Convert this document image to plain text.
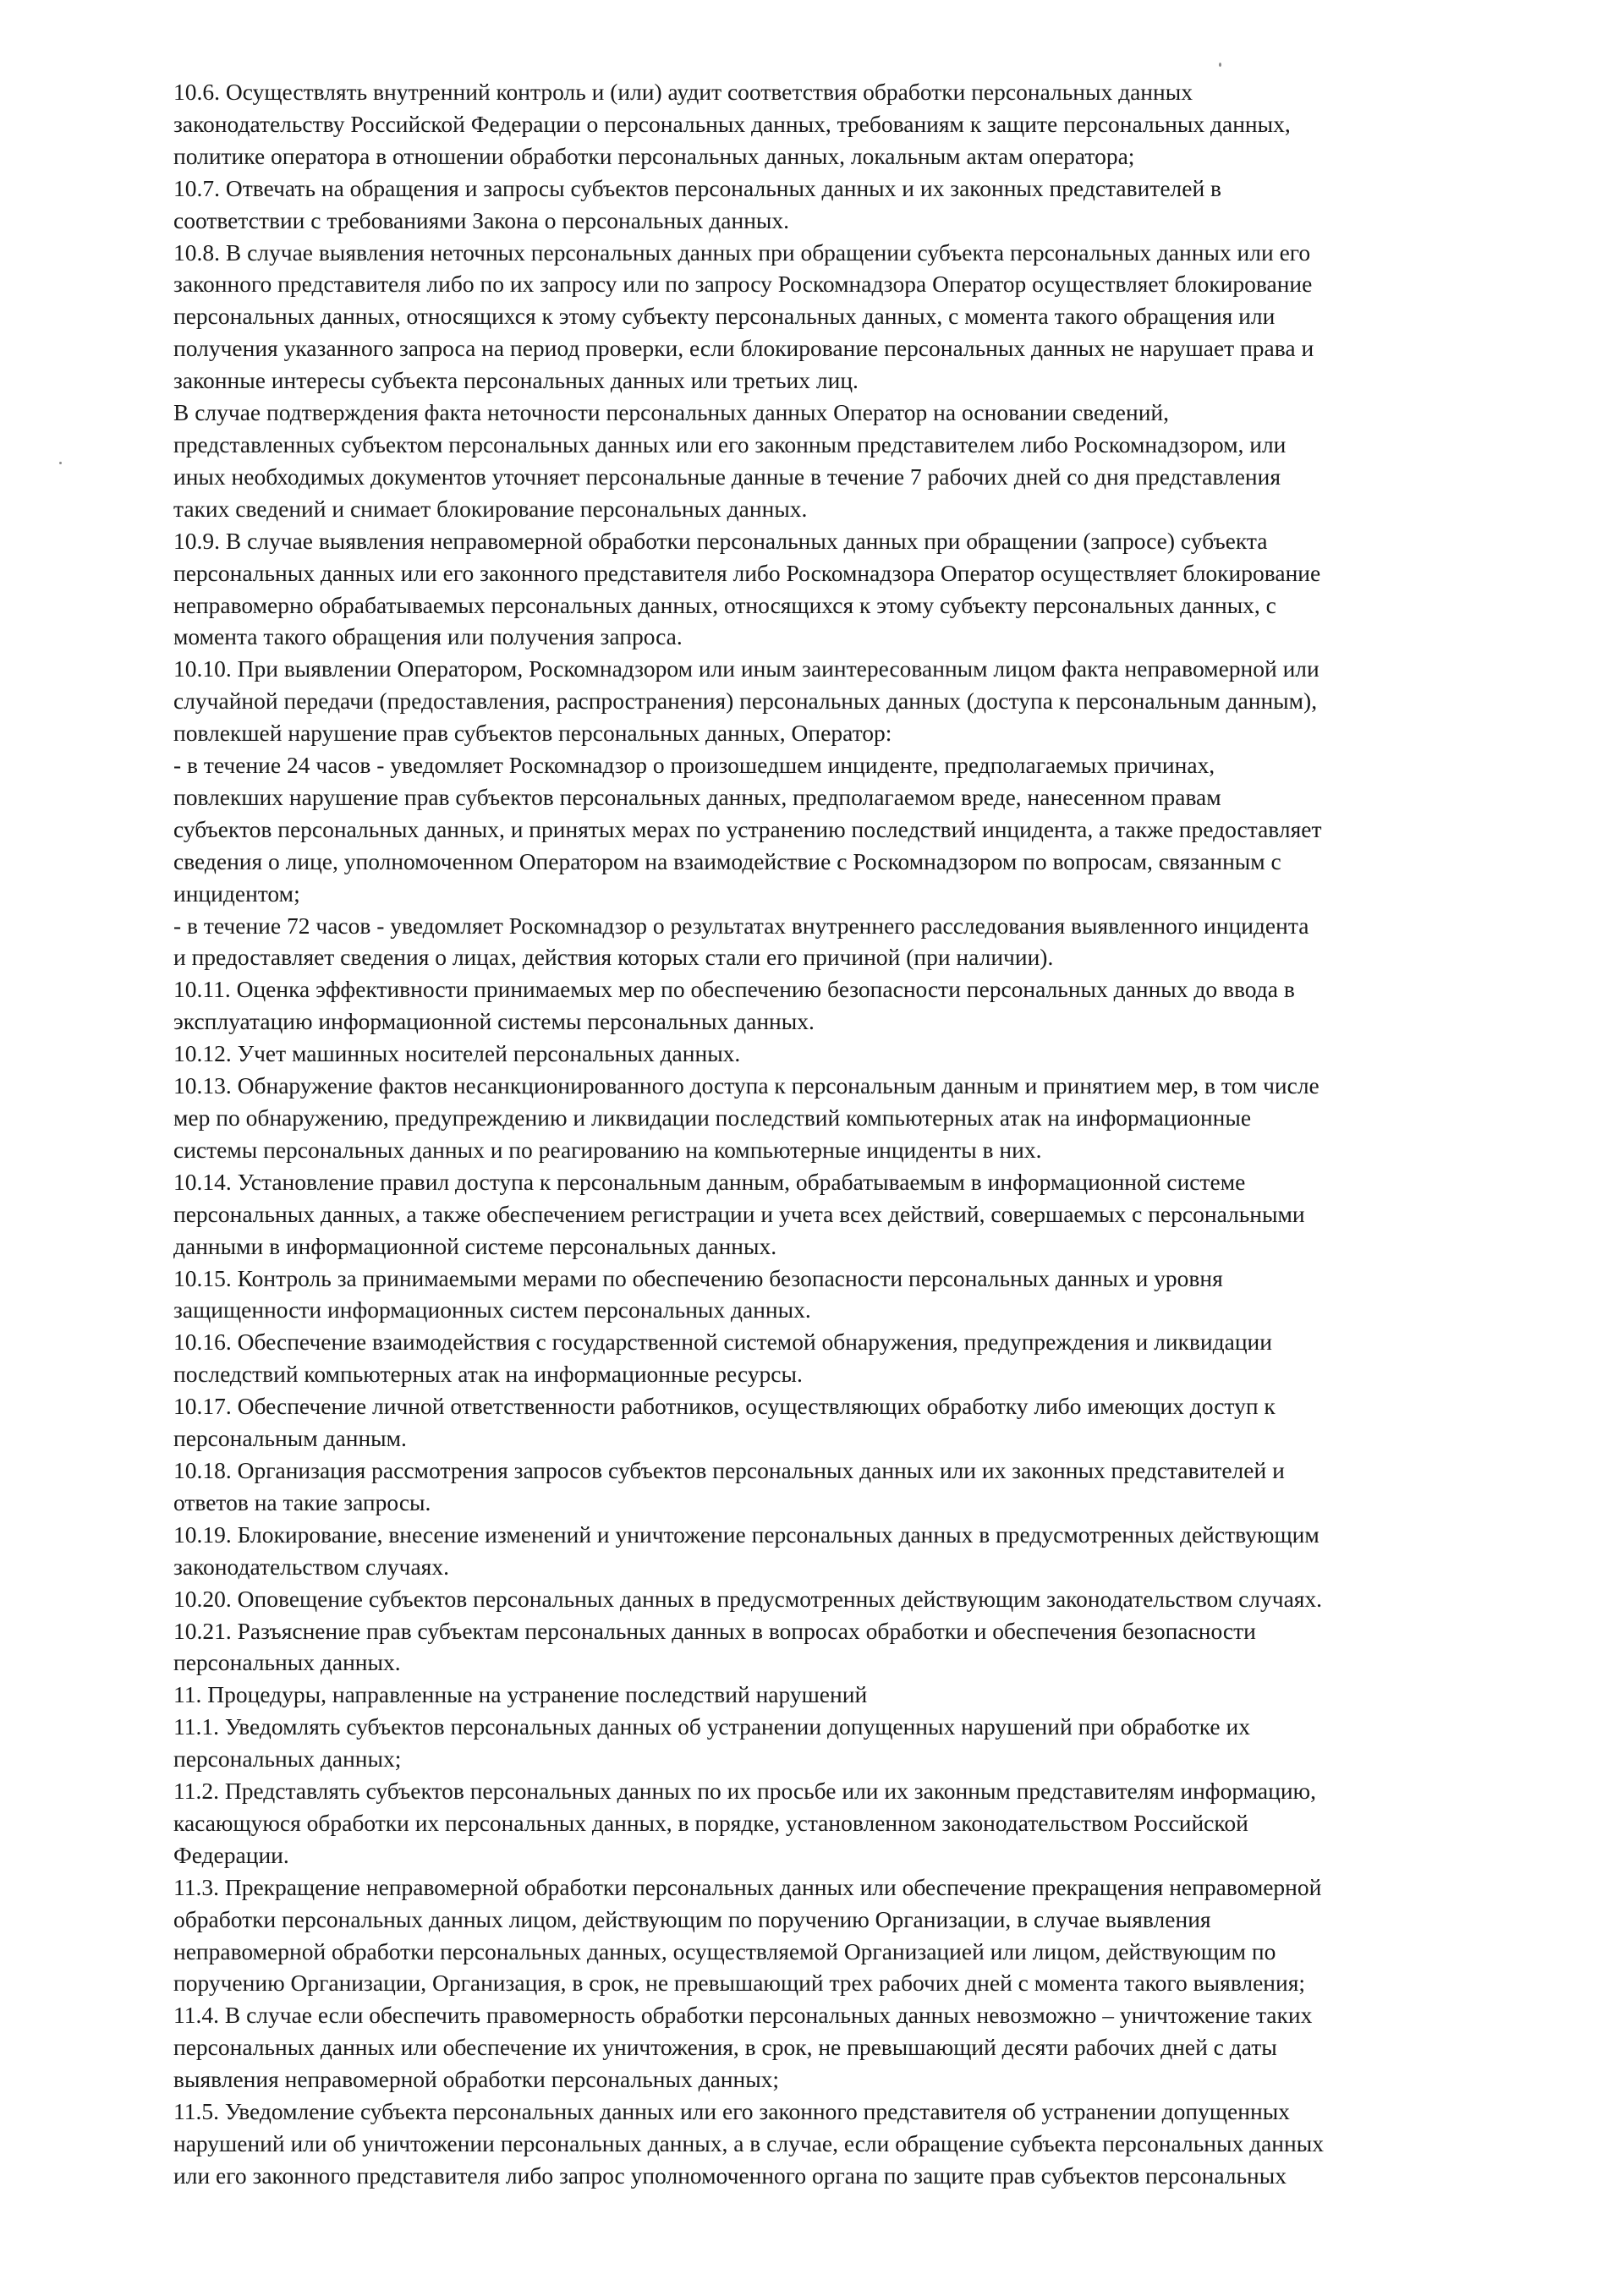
10.6. Осуществлять внутренний контроль и (или) аудит соответствия обработки персональных данных
законодательству Российской Федерации о персональных данных, требованиям к защите персональных данных,
политике оператора в отношении обработки персональных данных, локальным актам оператора;
10.7. Отвечать на обращения и запросы субъектов персональных данных и их законных представителей в
соответствии с требованиями Закона о персональных данных.
10.8. В случае выявления неточных персональных данных при обращении субъекта персональных данных или его
законного представителя либо по их запросу или по запросу Роскомнадзора Оператор осуществляет блокирование
персональных данных, относящихся к этому субъекту персональных данных, с момента такого обращения или
получения указанного запроса на период проверки, если блокирование персональных данных не нарушает права и
законные интересы субъекта персональных данных или третьих лиц.
В случае подтверждения факта неточности персональных данных Оператор на основании сведений,
представленных субъектом персональных данных или его законным представителем либо Роскомнадзором, или
иных необходимых документов уточняет персональные данные в течение 7 рабочих дней со дня представления
таких сведений и снимает блокирование персональных данных.
10.9. В случае выявления неправомерной обработки персональных данных при обращении (запросе) субъекта
персональных данных или его законного представителя либо Роскомнадзора Оператор осуществляет блокирование
неправомерно обрабатываемых персональных данных, относящихся к этому субъекту персональных данных, с
момента такого обращения или получения запроса.
10.10. При выявлении Оператором, Роскомнадзором или иным заинтересованным лицом факта неправомерной или
случайной передачи (предоставления, распространения) персональных данных (доступа к персональным данным),
повлекшей нарушение прав субъектов персональных данных, Оператор:
- в течение 24 часов - уведомляет Роскомнадзор о произошедшем инциденте, предполагаемых причинах,
повлекших нарушение прав субъектов персональных данных, предполагаемом вреде, нанесенном правам
субъектов персональных данных, и принятых мерах по устранению последствий инцидента, а также предоставляет
сведения о лице, уполномоченном Оператором на взаимодействие с Роскомнадзором по вопросам, связанным с
инцидентом;
- в течение 72 часов - уведомляет Роскомнадзор о результатах внутреннего расследования выявленного инцидента
и предоставляет сведения о лицах, действия которых стали его причиной (при наличии).
10.11. Оценка эффективности принимаемых мер по обеспечению безопасности персональных данных до ввода в
эксплуатацию информационной системы персональных данных.
10.12. Учет машинных носителей персональных данных.
10.13. Обнаружение фактов несанкционированного доступа к персональным данным и принятием мер, в том числе
мер по обнаружению, предупреждению и ликвидации последствий компьютерных атак на информационные
системы персональных данных и по реагированию на компьютерные инциденты в них.
10.14. Установление правил доступа к персональным данным, обрабатываемым в информационной системе
персональных данных, а также обеспечением регистрации и учета всех действий, совершаемых с персональными
данными в информационной системе персональных данных.
10.15. Контроль за принимаемыми мерами по обеспечению безопасности персональных данных и уровня
защищенности информационных систем персональных данных.
10.16. Обеспечение взаимодействия с государственной системой обнаружения, предупреждения и ликвидации
последствий компьютерных атак на информационные ресурсы.
10.17. Обеспечение личной ответственности работников, осуществляющих обработку либо имеющих доступ к
персональным данным.
10.18. Организация рассмотрения запросов субъектов персональных данных или их законных представителей и
ответов на такие запросы.
10.19. Блокирование, внесение изменений и уничтожение персональных данных в предусмотренных действующим
законодательством случаях.
10.20. Оповещение субъектов персональных данных в предусмотренных действующим законодательством случаях.
10.21. Разъяснение прав субъектам персональных данных в вопросах обработки и обеспечения безопасности
персональных данных.
11. Процедуры, направленные на устранение последствий нарушений
11.1. Уведомлять субъектов персональных данных об устранении допущенных нарушений при обработке их
персональных данных;
11.2. Представлять субъектов персональных данных по их просьбе или их законным представителям информацию,
касающуюся обработки их персональных данных, в порядке, установленном законодательством Российской
Федерации.
11.3. Прекращение неправомерной обработки персональных данных или обеспечение прекращения неправомерной
обработки персональных данных лицом, действующим по поручению Организации, в случае выявления
неправомерной обработки персональных данных, осуществляемой Организацией или лицом, действующим по
поручению Организации, Организация, в срок, не превышающий трех рабочих дней с момента такого выявления;
11.4. В случае если обеспечить правомерность обработки персональных данных невозможно – уничтожение таких
персональных данных или обеспечение их уничтожения, в срок, не превышающий десяти рабочих дней с даты
выявления неправомерной обработки персональных данных;
11.5. Уведомление субъекта персональных данных или его законного представителя об устранении допущенных
нарушений или об уничтожении персональных данных, а в случае, если обращение субъекта персональных данных
или его законного представителя либо запрос уполномоченного органа по защите прав субъектов персональных
